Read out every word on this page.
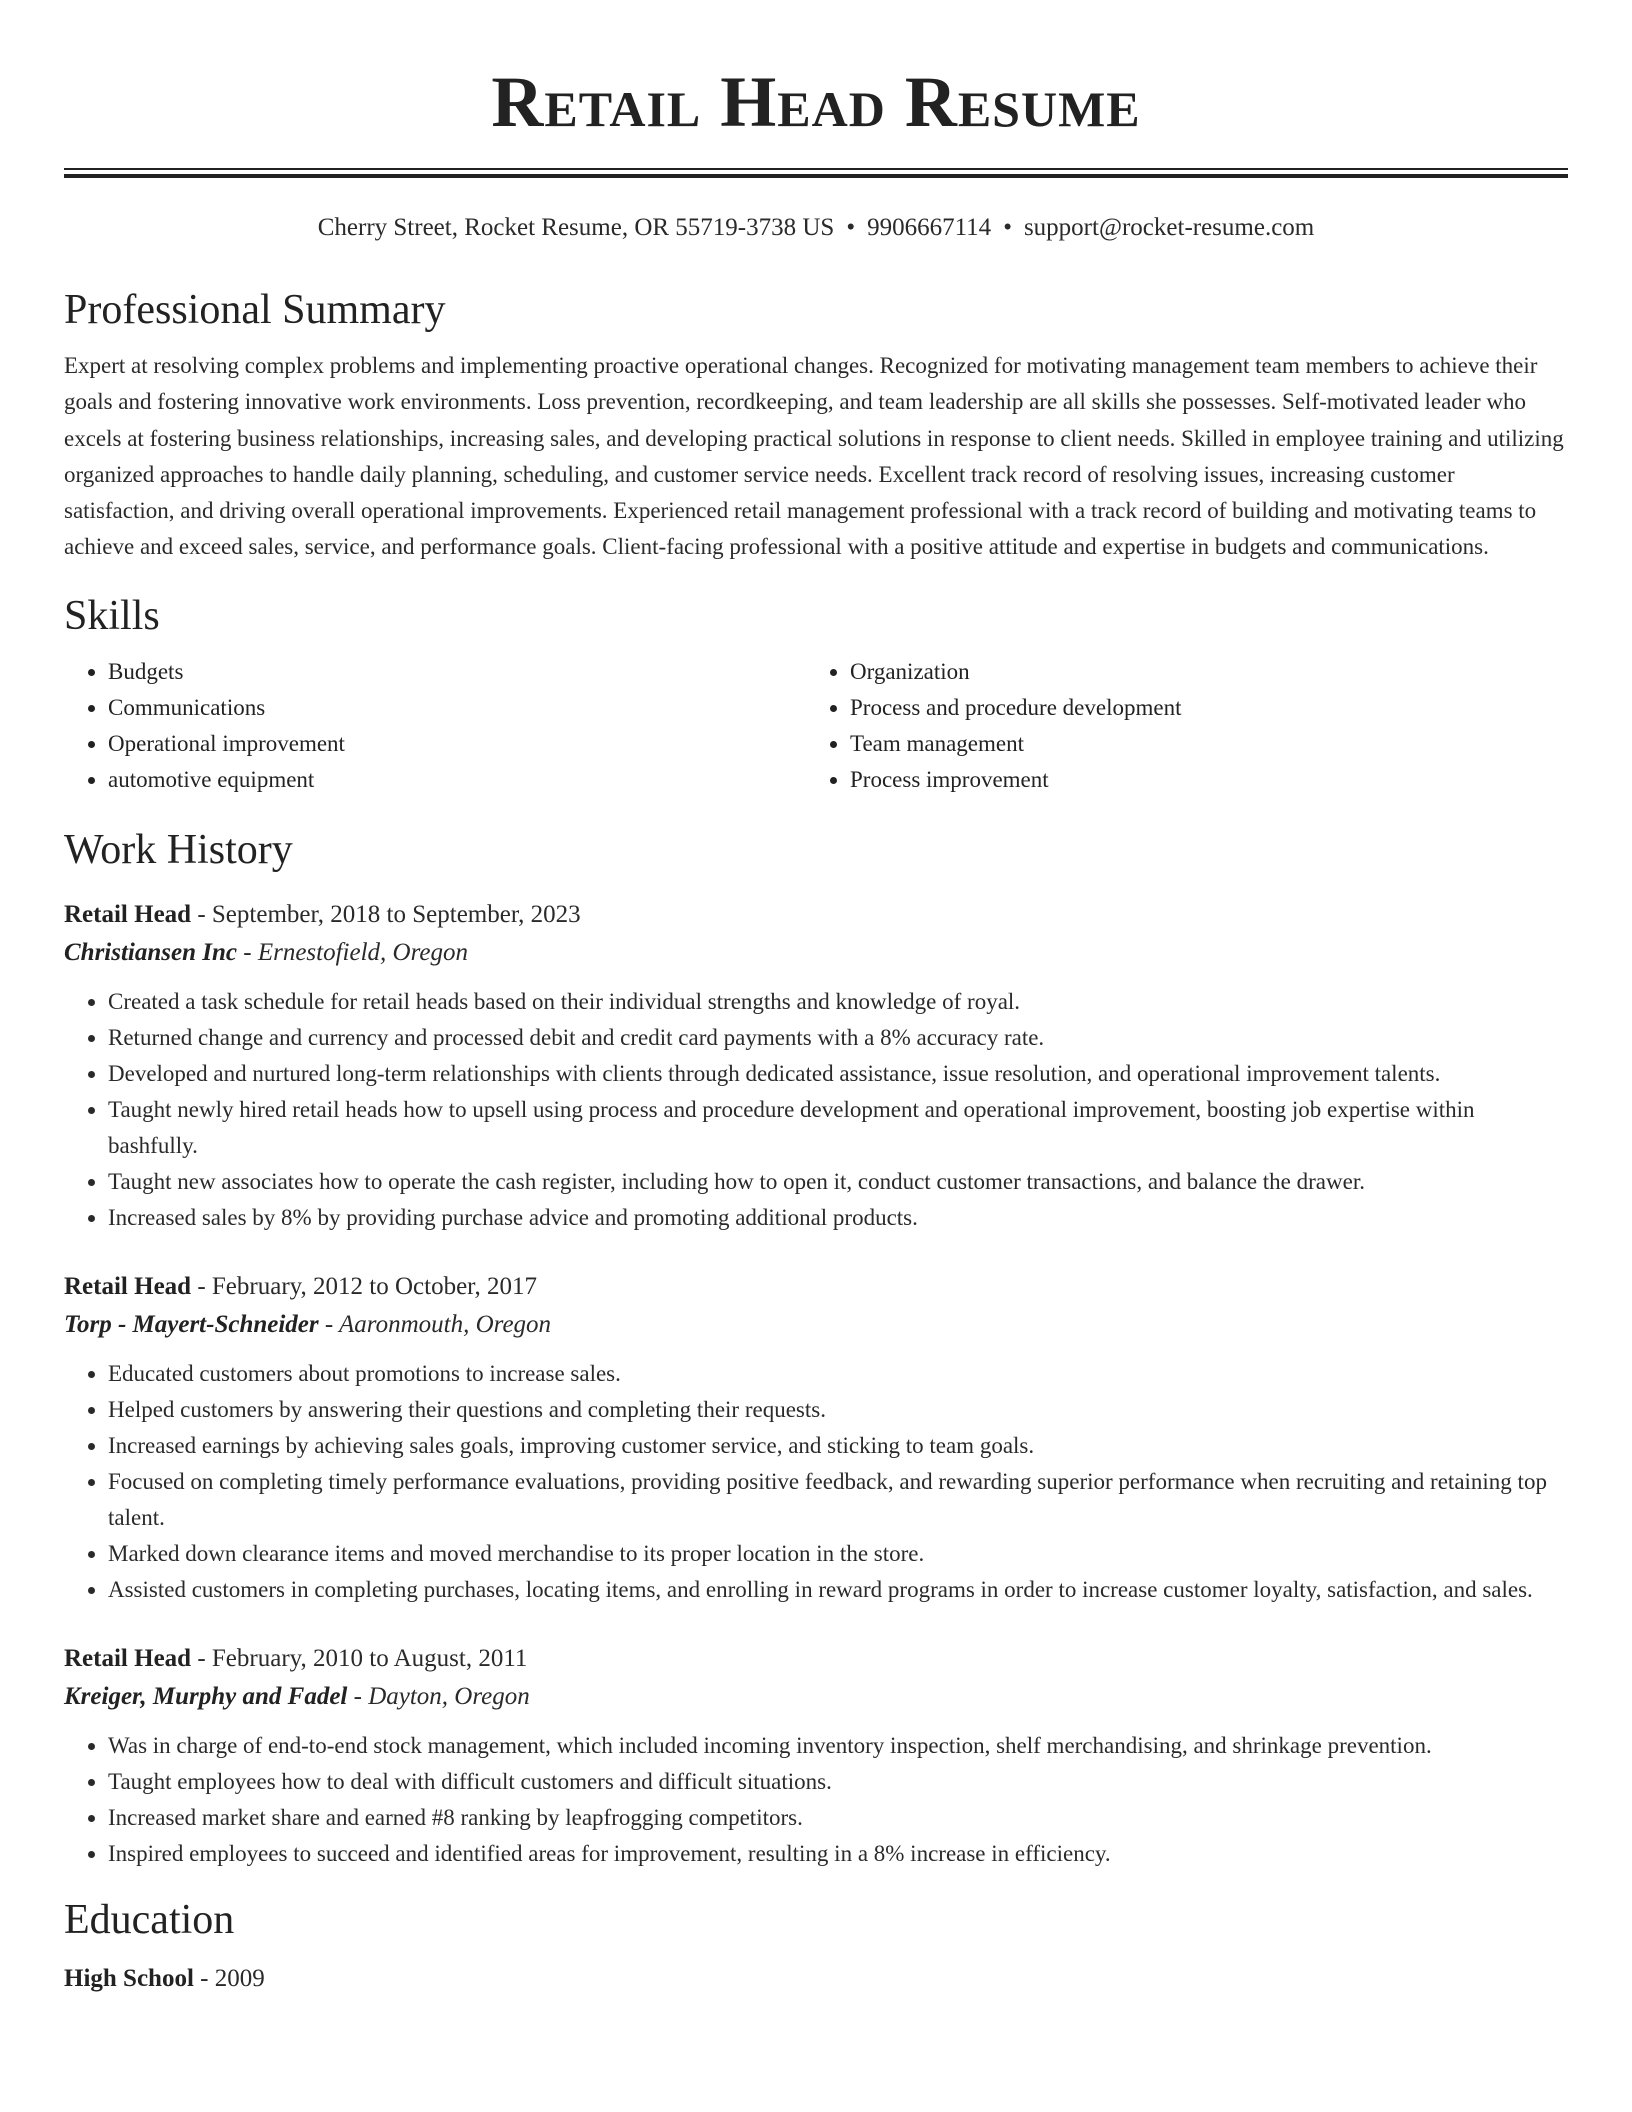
Retail Head Resume
Cherry Street, Rocket Resume, OR 55719-3738 US • 9906667114 • support@rocket-resume.com
Professional Summary

Expert at resolving complex problems and implementing proactive operational changes. Recognized for motivating management team members to achieve their goals and fostering innovative work environments. Loss prevention, recordkeeping, and team leadership are all skills she possesses. Self-motivated leader who excels at fostering business relationships, increasing sales, and developing practical solutions in response to client needs. Skilled in employee training and utilizing organized approaches to handle daily planning, scheduling, and customer service needs. Excellent track record of resolving issues, increasing customer satisfaction, and driving overall operational improvements. Experienced retail management professional with a track record of building and motivating teams to achieve and exceed sales, service, and performance goals. Client-facing professional with a positive attitude and expertise in budgets and communications.

Skills
• Budgets
• Communications
• Operational improvement
• automotive equipment
• Organization
• Process and procedure development
• Team management
• Process improvement
Work History
Retail Head - September, 2018 to September, 2023
Christiansen Inc - Ernestofield, Oregon
• Created a task schedule for retail heads based on their individual strengths and knowledge of royal.
• Returned change and currency and processed debit and credit card payments with a 8% accuracy rate.
• Developed and nurtured long-term relationships with clients through dedicated assistance, issue resolution, and operational improvement talents.
• Taught newly hired retail heads how to upsell using process and procedure development and operational improvement, boosting job expertise within bashfully.
• Taught new associates how to operate the cash register, including how to open it, conduct customer transactions, and balance the drawer.
• Increased sales by 8% by providing purchase advice and promoting additional products.
Retail Head - February, 2012 to October, 2017
Torp - Mayert-Schneider - Aaronmouth, Oregon
• Educated customers about promotions to increase sales.
• Helped customers by answering their questions and completing their requests.
• Increased earnings by achieving sales goals, improving customer service, and sticking to team goals.
• Focused on completing timely performance evaluations, providing positive feedback, and rewarding superior performance when recruiting and retaining top talent.
• Marked down clearance items and moved merchandise to its proper location in the store.
• Assisted customers in completing purchases, locating items, and enrolling in reward programs in order to increase customer loyalty, satisfaction, and sales.
Retail Head - February, 2010 to August, 2011
Kreiger, Murphy and Fadel - Dayton, Oregon
• Was in charge of end-to-end stock management, which included incoming inventory inspection, shelf merchandising, and shrinkage prevention.
• Taught employees how to deal with difficult customers and difficult situations.
• Increased market share and earned #8 ranking by leapfrogging competitors.
• Inspired employees to succeed and identified areas for improvement, resulting in a 8% increase in efficiency.
Education
High School - 2009
